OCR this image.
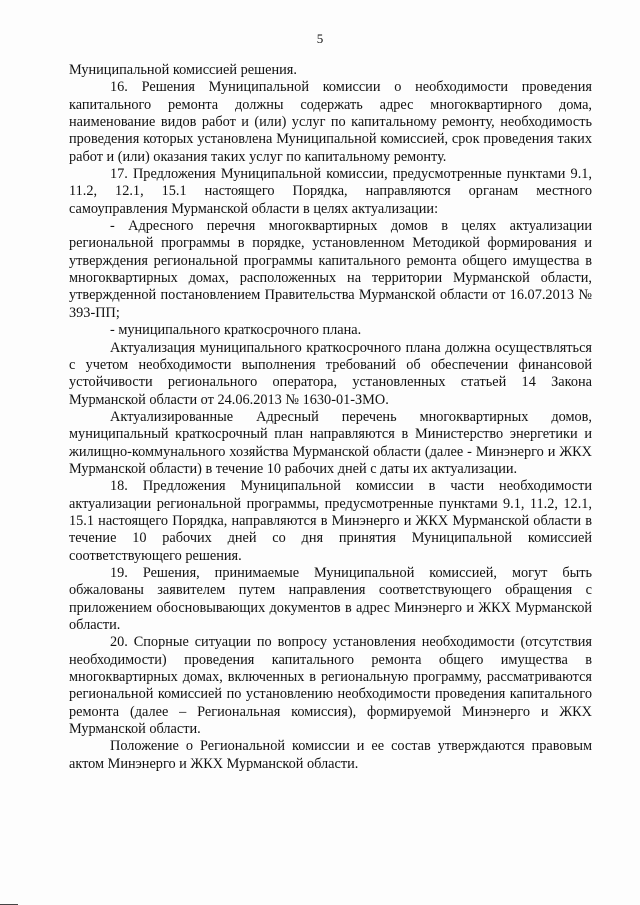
5

Муниципальной комиссией решения.

16. Решения Муниципальной комиссии о необходимости проведения капитального ремонта должны содержать адрес многоквартирного дома, наименование видов работ и (или) услуг по капитальному ремонту, необходимость проведения которых установлена Муниципальной комиссией, срок проведения таких работ и (или) оказания таких услуг по капитальному ремонту.

17. Предложения Муниципальной комиссии, предусмотренные пунктами 9.1, 11.2, 12.1, 15.1 настоящего Порядка, направляются органам местного самоуправления Мурманской области в целях актуализации:

- Адресного перечня многоквартирных домов в целях актуализации региональной программы в порядке, установленном Методикой формирования и утверждения региональной программы капитального ремонта общего имущества в многоквартирных домах, расположенных на территории Мурманской области, утвержденной постановлением Правительства Мурманской области от 16.07.2013 № 393-ПП;

- муниципального краткосрочного плана.

Актуализация муниципального краткосрочного плана должна осуществляться с учетом необходимости выполнения требований об обеспечении финансовой устойчивости регионального оператора, установленных статьей 14 Закона Мурманской области от 24.06.2013 № 1630-01-ЗМО.

Актуализированные Адресный перечень многоквартирных домов, муниципальный краткосрочный план направляются в Министерство энергетики и жилищно-коммунального хозяйства Мурманской области (далее - Минэнерго и ЖКХ Мурманской области) в течение 10 рабочих дней с даты их актуализации.

18. Предложения Муниципальной комиссии в части необходимости актуализации региональной программы, предусмотренные пунктами 9.1, 11.2, 12.1, 15.1 настоящего Порядка, направляются в Минэнерго и ЖКХ Мурманской области в течение 10 рабочих дней со дня принятия Муниципальной комиссией соответствующего решения.

19. Решения, принимаемые Муниципальной комиссией, могут быть обжалованы заявителем путем направления соответствующего обращения с приложением обосновывающих документов в адрес Минэнерго и ЖКХ Мурманской области.

20. Спорные ситуации по вопросу установления необходимости (отсутствия необходимости) проведения капитального ремонта общего имущества в многоквартирных домах, включенных в региональную программу, рассматриваются региональной комиссией по установлению необходимости проведения капитального ремонта (далее – Региональная комиссия), формируемой Минэнерго и ЖКХ Мурманской области.

Положение о Региональной комиссии и ее состав утверждаются правовым актом Минэнерго и ЖКХ Мурманской области.
